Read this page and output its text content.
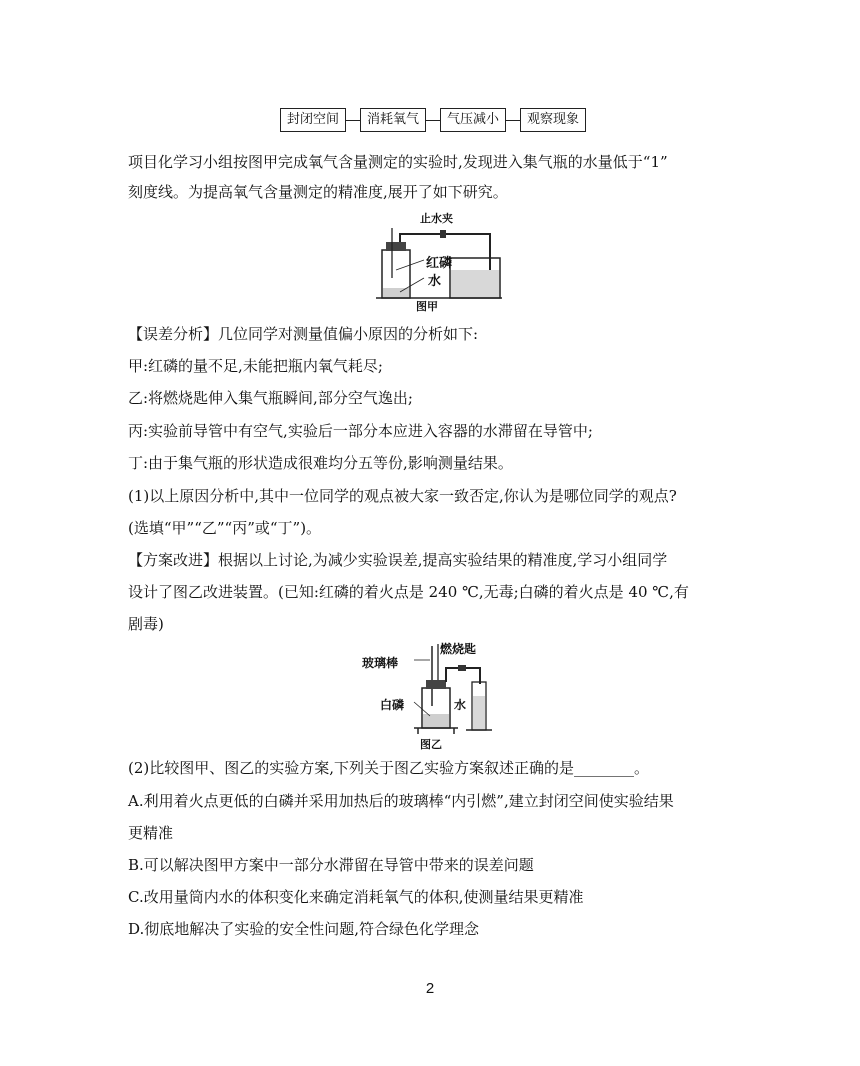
封闭空间	消耗氧气	气压减小	观察现象
项目化学习小组按图甲完成氧气含量测定的实验时,发现进入集气瓶的水量低于“1”
刻度线。为提高氧气含量测定的精准度,展开了如下研究。
止水夹
红磷
水
图甲
【误差分析】几位同学对测量值偏小原因的分析如下:
甲:红磷的量不足,未能把瓶内氧气耗尽;
乙:将燃烧匙伸入集气瓶瞬间,部分空气逸出;
丙:实验前导管中有空气,实验后一部分本应进入容器的水滞留在导管中;
丁:由于集气瓶的形状造成很难均分五等份,影响测量结果。
(1)以上原因分析中,其中一位同学的观点被大家一致否定,你认为是哪位同学的观点?
(选填“甲”“乙”“丙”或“丁”)。
【方案改进】根据以上讨论,为减少实验误差,提高实验结果的精准度,学习小组同学
设计了图乙改进装置。(已知:红磷的着火点是 240 ℃,无毒;白磷的着火点是 40 ℃,有
剧毒)
玻璃棒
燃烧匙
白磷	水
图乙
(2)比较图甲、图乙的实验方案,下列关于图乙实验方案叙述正确的是________。
A.利用着火点更低的白磷并采用加热后的玻璃棒“内引燃”,建立封闭空间使实验结果
更精准
B.可以解决图甲方案中一部分水滞留在导管中带来的误差问题
C.改用量筒内水的体积变化来确定消耗氧气的体积,使测量结果更精准
D.彻底地解决了实验的安全性问题,符合绿色化学理念
2
